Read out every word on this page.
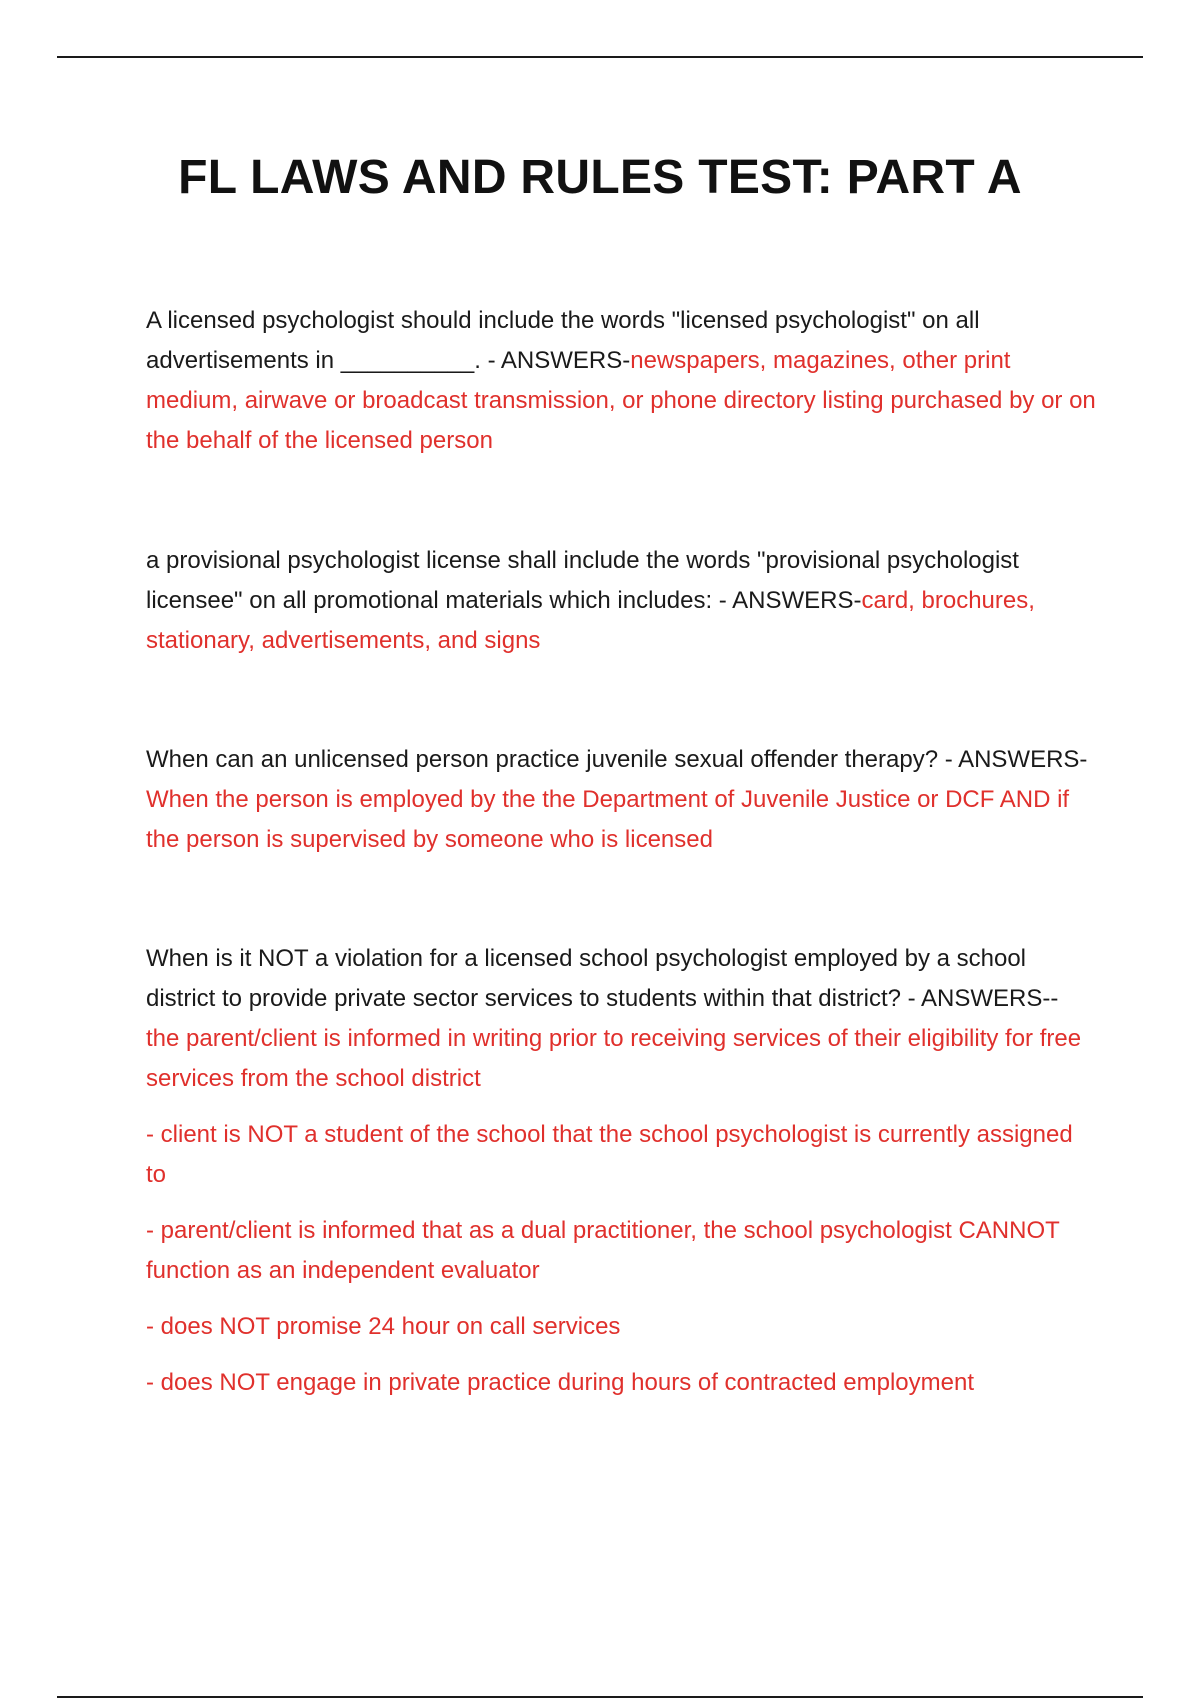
FL LAWS AND RULES TEST: PART A

A licensed psychologist should include the words "licensed psychologist" on all advertisements in __________. - ANSWERS-newspapers, magazines, other print medium, airwave or broadcast transmission, or phone directory listing purchased by or on the behalf of the licensed person

a provisional psychologist license shall include the words "provisional psychologist licensee" on all promotional materials which includes: - ANSWERS-card, brochures, stationary, advertisements, and signs

When can an unlicensed person practice juvenile sexual offender therapy? - ANSWERS-When the person is employed by the the Department of Juvenile Justice or DCF AND if the person is supervised by someone who is licensed

When is it NOT a violation for a licensed school psychologist employed by a school district to provide private sector services to students within that district? - ANSWERS-- the parent/client is informed in writing prior to receiving services of their eligibility for free services from the school district

- client is NOT a student of the school that the school psychologist is currently assigned to

- parent/client is informed that as a dual practitioner, the school psychologist CANNOT function as an independent evaluator

- does NOT promise 24 hour on call services

- does NOT engage in private practice during hours of contracted employment
